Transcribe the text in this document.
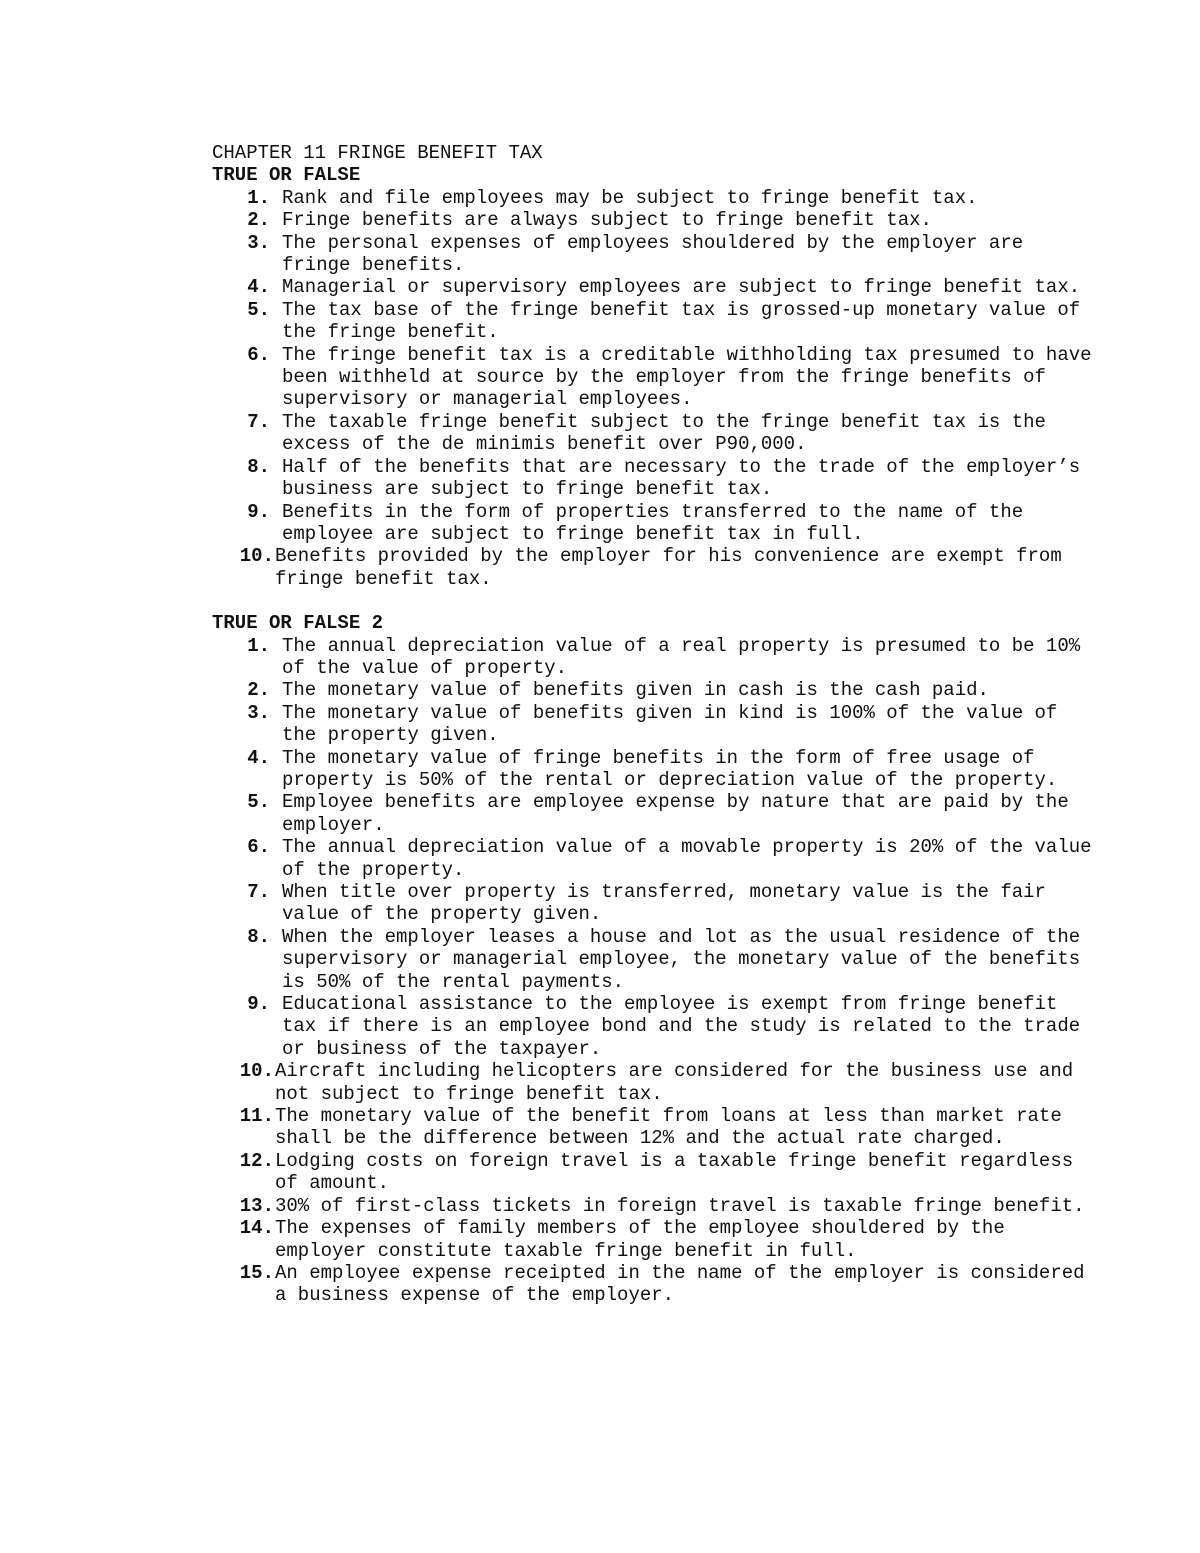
CHAPTER 11 FRINGE BENEFIT TAX
TRUE OR FALSE
1. Rank and file employees may be subject to fringe benefit tax.
2. Fringe benefits are always subject to fringe benefit tax.
3. The personal expenses of employees shouldered by the employer are fringe benefits.
4. Managerial or supervisory employees are subject to fringe benefit tax.
5. The tax base of the fringe benefit tax is grossed-up monetary value of the fringe benefit.
6. The fringe benefit tax is a creditable withholding tax presumed to have been withheld at source by the employer from the fringe benefits of supervisory or managerial employees.
7. The taxable fringe benefit subject to the fringe benefit tax is the excess of the de minimis benefit over P90,000.
8. Half of the benefits that are necessary to the trade of the employer’s business are subject to fringe benefit tax.
9. Benefits in the form of properties transferred to the name of the employee are subject to fringe benefit tax in full.
10. Benefits provided by the employer for his convenience are exempt from fringe benefit tax.
TRUE OR FALSE 2
1. The annual depreciation value of a real property is presumed to be 10% of the value of property.
2. The monetary value of benefits given in cash is the cash paid.
3. The monetary value of benefits given in kind is 100% of the value of the property given.
4. The monetary value of fringe benefits in the form of free usage of property is 50% of the rental or depreciation value of the property.
5. Employee benefits are employee expense by nature that are paid by the employer.
6. The annual depreciation value of a movable property is 20% of the value of the property.
7. When title over property is transferred, monetary value is the fair value of the property given.
8. When the employer leases a house and lot as the usual residence of the supervisory or managerial employee, the monetary value of the benefits is 50% of the rental payments.
9. Educational assistance to the employee is exempt from fringe benefit tax if there is an employee bond and the study is related to the trade or business of the taxpayer.
10. Aircraft including helicopters are considered for the business use and not subject to fringe benefit tax.
11. The monetary value of the benefit from loans at less than market rate shall be the difference between 12% and the actual rate charged.
12. Lodging costs on foreign travel is a taxable fringe benefit regardless of amount.
13. 30% of first-class tickets in foreign travel is taxable fringe benefit.
14. The expenses of family members of the employee shouldered by the employer constitute taxable fringe benefit in full.
15. An employee expense receipted in the name of the employer is considered a business expense of the employer.
